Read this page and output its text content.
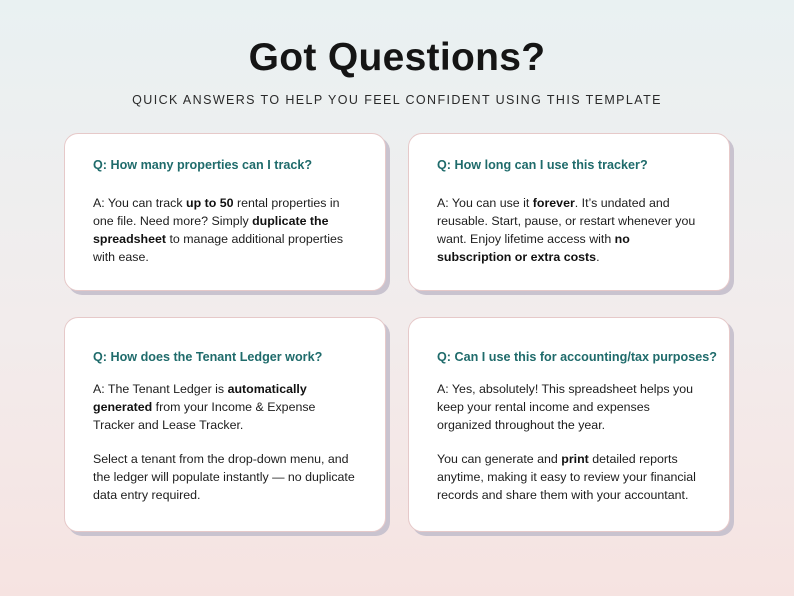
Got Questions?
QUICK ANSWERS TO HELP YOU FEEL CONFIDENT USING THIS TEMPLATE
Q: How many properties can I track?

A: You can track up to 50 rental properties in one file. Need more? Simply duplicate the spreadsheet to manage additional properties with ease.

Q: How long can I use this tracker?

A: You can use it forever. It’s undated and reusable. Start, pause, or restart whenever you want. Enjoy lifetime access with no subscription or extra costs.

Q: How does the Tenant Ledger work?

A: The Tenant Ledger is automatically generated from your Income & Expense Tracker and Lease Tracker.

Select a tenant from the drop-down menu, and the ledger will populate instantly — no duplicate data entry required.

Q: Can I use this for accounting/tax purposes?

A: Yes, absolutely! This spreadsheet helps you keep your rental income and expenses organized throughout the year.

You can generate and print detailed reports anytime, making it easy to review your financial records and share them with your accountant.
